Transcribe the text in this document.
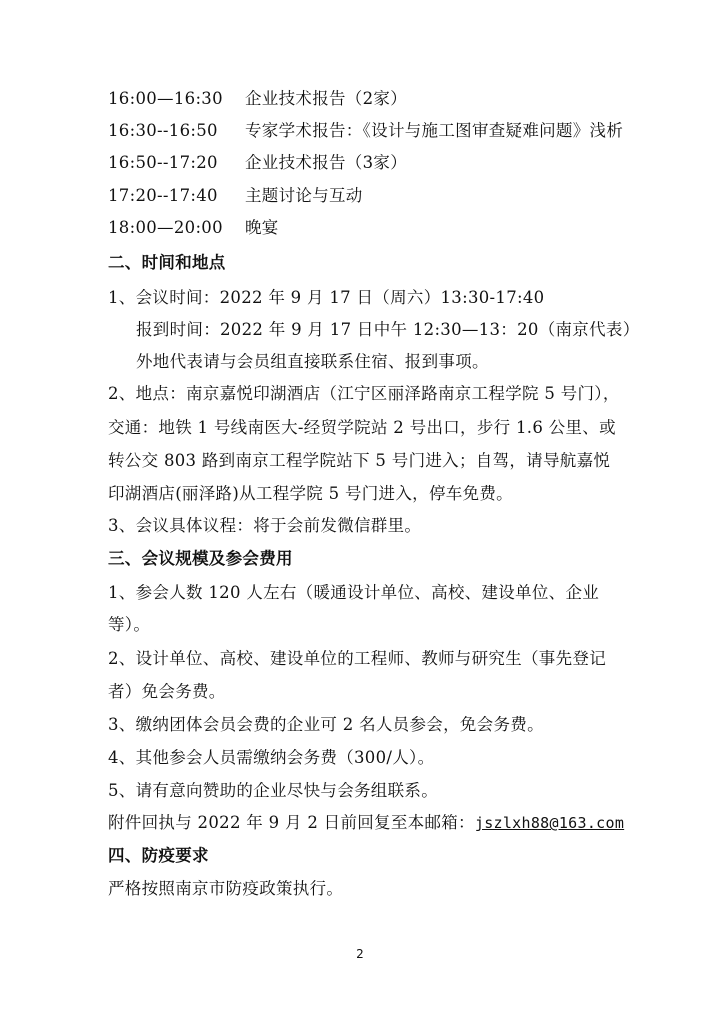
16:00—16:30	企业技术报告（2家）
16:30--16:50	专家学术报告：《设计与施工图审查疑难问题》浅析
16:50--17:20	企业技术报告（3家）
17:20--17:40	主题讨论与互动
18:00—20:00	晚宴
二、时间和地点
1、会议时间：2022 年 9 月 17 日（周六）13:30-17:40
报到时间：2022 年 9 月 17 日中午 12:30—13：20（南京代表）
外地代表请与会员组直接联系住宿、报到事项。
2、地点：南京嘉悦印湖酒店（江宁区丽泽路南京工程学院 5 号门），
交通：地铁 1 号线南医大-经贸学院站 2 号出口，步行 1.6 公里、或
转公交 803 路到南京工程学院站下 5 号门进入；自驾，请导航嘉悦
印湖酒店(丽泽路)从工程学院 5 号门进入，停车免费。
3、会议具体议程：将于会前发微信群里。
三、会议规模及参会费用
1、参会人数 120 人左右（暖通设计单位、高校、建设单位、企业
等）。
2、设计单位、高校、建设单位的工程师、教师与研究生（事先登记
者）免会务费。
3、缴纳团体会员会费的企业可 2 名人员参会，免会务费。
4、其他参会人员需缴纳会务费（300/人）。
5、请有意向赞助的企业尽快与会务组联系。
附件回执与 2022 年 9 月 2 日前回复至本邮箱：jszlxh88@163.com
四、防疫要求
严格按照南京市防疫政策执行。
2
